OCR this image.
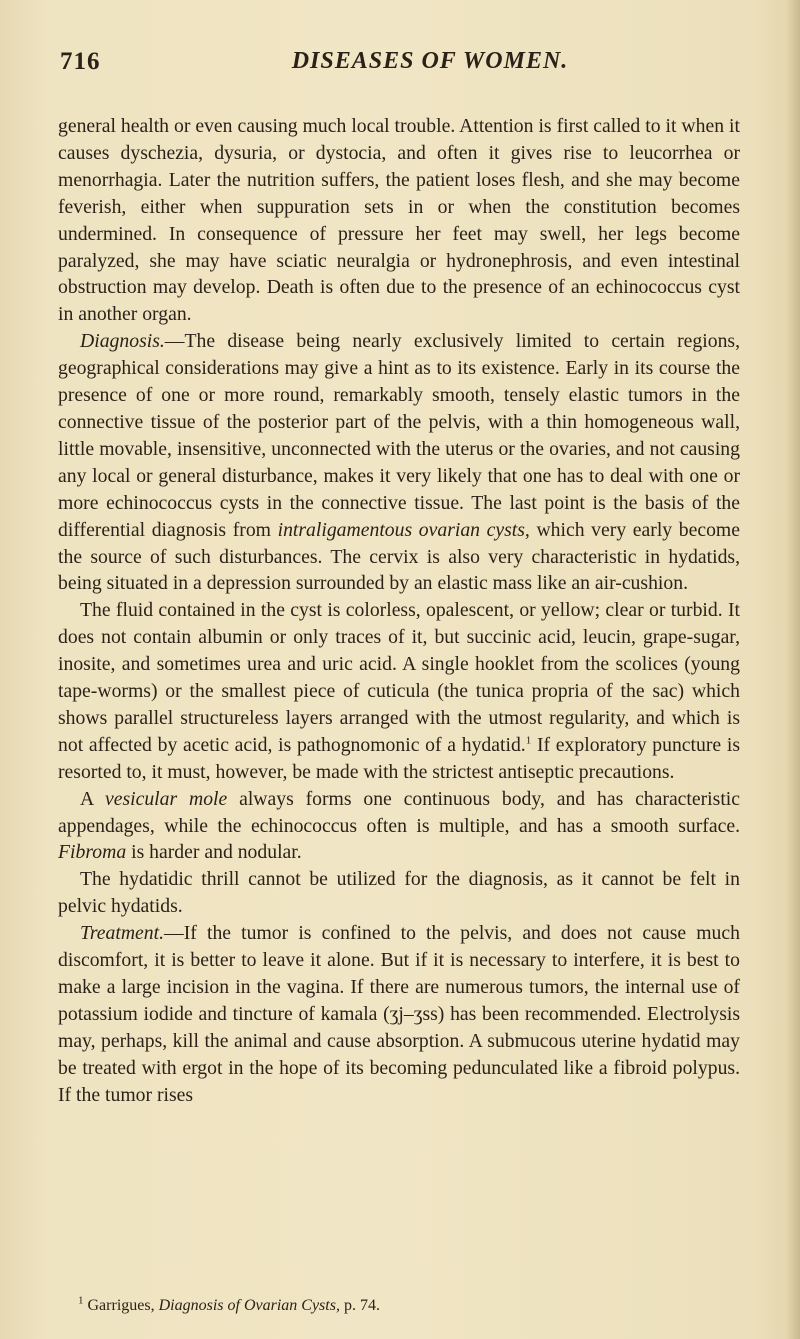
716	DISEASES OF WOMEN.

general health or even causing much local trouble. Attention is first called to it when it causes dyschezia, dysuria, or dystocia, and often it gives rise to leucorrhea or menorrhagia. Later the nutrition suffers, the patient loses flesh, and she may become feverish, either when suppuration sets in or when the constitution becomes undermined. In consequence of pressure her feet may swell, her legs become paralyzed, she may have sciatic neuralgia or hydronephrosis, and even intestinal obstruction may develop. Death is often due to the presence of an echinococcus cyst in another organ.

Diagnosis.—The disease being nearly exclusively limited to certain regions, geographical considerations may give a hint as to its existence. Early in its course the presence of one or more round, remarkably smooth, tensely elastic tumors in the connective tissue of the posterior part of the pelvis, with a thin homogeneous wall, little movable, insensitive, unconnected with the uterus or the ovaries, and not causing any local or general disturbance, makes it very likely that one has to deal with one or more echinococcus cysts in the connective tissue. The last point is the basis of the differential diagnosis from intraligamentous ovarian cysts, which very early become the source of such disturbances. The cervix is also very characteristic in hydatids, being situated in a depression surrounded by an elastic mass like an air-cushion.

The fluid contained in the cyst is colorless, opalescent, or yellow; clear or turbid. It does not contain albumin or only traces of it, but succinic acid, leucin, grape-sugar, inosite, and sometimes urea and uric acid. A single hooklet from the scolices (young tape-worms) or the smallest piece of cuticula (the tunica propria of the sac) which shows parallel structureless layers arranged with the utmost regularity, and which is not affected by acetic acid, is pathognomonic of a hydatid.$^1$ If exploratory puncture is resorted to, it must, however, be made with the strictest antiseptic precautions.

A vesicular mole always forms one continuous body, and has characteristic appendages, while the echinococcus often is multiple, and has a smooth surface. Fibroma is harder and nodular.

The hydatidic thrill cannot be utilized for the diagnosis, as it cannot be felt in pelvic hydatids.

Treatment.—If the tumor is confined to the pelvis, and does not cause much discomfort, it is better to leave it alone. But if it is necessary to interfere, it is best to make a large incision in the vagina. If there are numerous tumors, the internal use of potassium iodide and tincture of kamala (ʒj–ʒss) has been recommended. Electrolysis may, perhaps, kill the animal and cause absorption. A submucous uterine hydatid may be treated with ergot in the hope of its becoming pedunculated like a fibroid polypus. If the tumor rises

$^1$ Garrigues, Diagnosis of Ovarian Cysts, p. 74.
